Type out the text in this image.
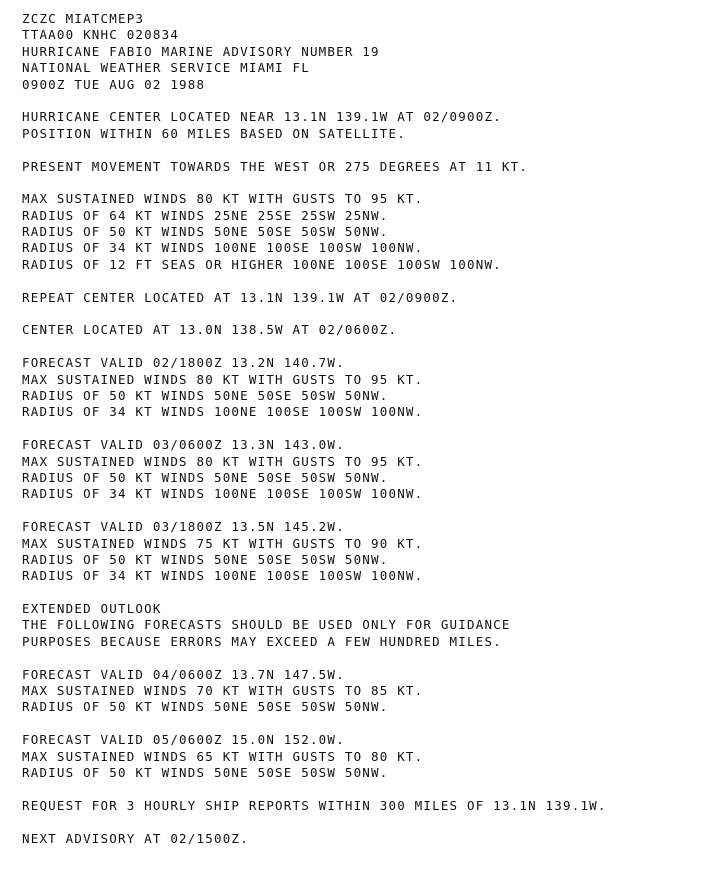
ZCZC MIATCMEP3
TTAA00 KNHC 020834
HURRICANE FABIO MARINE ADVISORY NUMBER 19
NATIONAL WEATHER SERVICE MIAMI FL
0900Z TUE AUG 02 1988
HURRICANE CENTER LOCATED NEAR 13.1N 139.1W AT 02/0900Z.
POSITION WITHIN 60 MILES BASED ON SATELLITE.
PRESENT MOVEMENT TOWARDS THE WEST OR 275 DEGREES AT 11 KT.
MAX SUSTAINED WINDS 80 KT WITH GUSTS TO 95 KT.
RADIUS OF 64 KT WINDS 25NE 25SE 25SW 25NW.
RADIUS OF 50 KT WINDS 50NE 50SE 50SW 50NW.
RADIUS OF 34 KT WINDS 100NE 100SE 100SW 100NW.
RADIUS OF 12 FT SEAS OR HIGHER 100NE 100SE 100SW 100NW.
REPEAT CENTER LOCATED AT 13.1N 139.1W AT 02/0900Z.
CENTER LOCATED AT 13.0N 138.5W AT 02/0600Z.
FORECAST VALID 02/1800Z 13.2N 140.7W.
MAX SUSTAINED WINDS 80 KT WITH GUSTS TO 95 KT.
RADIUS OF 50 KT WINDS 50NE 50SE 50SW 50NW.
RADIUS OF 34 KT WINDS 100NE 100SE 100SW 100NW.
FORECAST VALID 03/0600Z 13.3N 143.0W.
MAX SUSTAINED WINDS 80 KT WITH GUSTS TO 95 KT.
RADIUS OF 50 KT WINDS 50NE 50SE 50SW 50NW.
RADIUS OF 34 KT WINDS 100NE 100SE 100SW 100NW.
FORECAST VALID 03/1800Z 13.5N 145.2W.
MAX SUSTAINED WINDS 75 KT WITH GUSTS TO 90 KT.
RADIUS OF 50 KT WINDS 50NE 50SE 50SW 50NW.
RADIUS OF 34 KT WINDS 100NE 100SE 100SW 100NW.
EXTENDED OUTLOOK
THE FOLLOWING FORECASTS SHOULD BE USED ONLY FOR GUIDANCE
PURPOSES BECAUSE ERRORS MAY EXCEED A FEW HUNDRED MILES.
FORECAST VALID 04/0600Z 13.7N 147.5W.
MAX SUSTAINED WINDS 70 KT WITH GUSTS TO 85 KT.
RADIUS OF 50 KT WINDS 50NE 50SE 50SW 50NW.
FORECAST VALID 05/0600Z 15.0N 152.0W.
MAX SUSTAINED WINDS 65 KT WITH GUSTS TO 80 KT.
RADIUS OF 50 KT WINDS 50NE 50SE 50SW 50NW.
REQUEST FOR 3 HOURLY SHIP REPORTS WITHIN 300 MILES OF 13.1N 139.1W.
NEXT ADVISORY AT 02/1500Z.
